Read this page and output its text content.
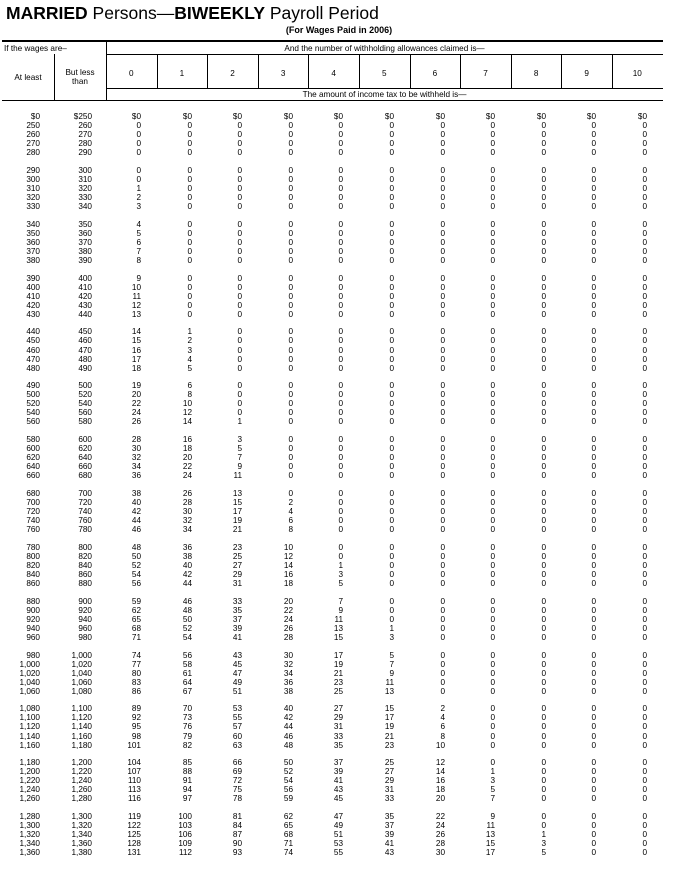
MARRIED Persons—BIWEEKLY Payroll Period
(For Wages Paid in 2006)
If the wages are–	And the number of withholding allowances claimed is—
At least
But less than
The amount of income tax to be withheld is—
0	1	2	3	4	5	6	7	8	9	10
$0	$250	$0	$0	$0	$0	$0	$0	$0	$0	$0	$0	$0
250	260	0	0	0	0	0	0	0	0	0	0	0
260	270	0	0	0	0	0	0	0	0	0	0	0
270	280	0	0	0	0	0	0	0	0	0	0	0
280	290	0	0	0	0	0	0	0	0	0	0	0
290	300	0	0	0	0	0	0	0	0	0	0	0
300	310	0	0	0	0	0	0	0	0	0	0	0
310	320	1	0	0	0	0	0	0	0	0	0	0
320	330	2	0	0	0	0	0	0	0	0	0	0
330	340	3	0	0	0	0	0	0	0	0	0	0
340	350	4	0	0	0	0	0	0	0	0	0	0
350	360	5	0	0	0	0	0	0	0	0	0	0
360	370	6	0	0	0	0	0	0	0	0	0	0
370	380	7	0	0	0	0	0	0	0	0	0	0
380	390	8	0	0	0	0	0	0	0	0	0	0
390	400	9	0	0	0	0	0	0	0	0	0	0
400	410	10	0	0	0	0	0	0	0	0	0	0
410	420	11	0	0	0	0	0	0	0	0	0	0
420	430	12	0	0	0	0	0	0	0	0	0	0
430	440	13	0	0	0	0	0	0	0	0	0	0
440	450	14	1	0	0	0	0	0	0	0	0	0
450	460	15	2	0	0	0	0	0	0	0	0	0
460	470	16	3	0	0	0	0	0	0	0	0	0
470	480	17	4	0	0	0	0	0	0	0	0	0
480	490	18	5	0	0	0	0	0	0	0	0	0
490	500	19	6	0	0	0	0	0	0	0	0	0
500	520	20	8	0	0	0	0	0	0	0	0	0
520	540	22	10	0	0	0	0	0	0	0	0	0
540	560	24	12	0	0	0	0	0	0	0	0	0
560	580	26	14	1	0	0	0	0	0	0	0	0
580	600	28	16	3	0	0	0	0	0	0	0	0
600	620	30	18	5	0	0	0	0	0	0	0	0
620	640	32	20	7	0	0	0	0	0	0	0	0
640	660	34	22	9	0	0	0	0	0	0	0	0
660	680	36	24	11	0	0	0	0	0	0	0	0
680	700	38	26	13	0	0	0	0	0	0	0	0
700	720	40	28	15	2	0	0	0	0	0	0	0
720	740	42	30	17	4	0	0	0	0	0	0	0
740	760	44	32	19	6	0	0	0	0	0	0	0
760	780	46	34	21	8	0	0	0	0	0	0	0
780	800	48	36	23	10	0	0	0	0	0	0	0
800	820	50	38	25	12	0	0	0	0	0	0	0
820	840	52	40	27	14	1	0	0	0	0	0	0
840	860	54	42	29	16	3	0	0	0	0	0	0
860	880	56	44	31	18	5	0	0	0	0	0	0
880	900	59	46	33	20	7	0	0	0	0	0	0
900	920	62	48	35	22	9	0	0	0	0	0	0
920	940	65	50	37	24	11	0	0	0	0	0	0
940	960	68	52	39	26	13	1	0	0	0	0	0
960	980	71	54	41	28	15	3	0	0	0	0	0
980	1,000	74	56	43	30	17	5	0	0	0	0	0
1,000	1,020	77	58	45	32	19	7	0	0	0	0	0
1,020	1,040	80	61	47	34	21	9	0	0	0	0	0
1,040	1,060	83	64	49	36	23	11	0	0	0	0	0
1,060	1,080	86	67	51	38	25	13	0	0	0	0	0
1,080	1,100	89	70	53	40	27	15	2	0	0	0	0
1,100	1,120	92	73	55	42	29	17	4	0	0	0	0
1,120	1,140	95	76	57	44	31	19	6	0	0	0	0
1,140	1,160	98	79	60	46	33	21	8	0	0	0	0
1,160	1,180	101	82	63	48	35	23	10	0	0	0	0
1,180	1,200	104	85	66	50	37	25	12	0	0	0	0
1,200	1,220	107	88	69	52	39	27	14	1	0	0	0
1,220	1,240	110	91	72	54	41	29	16	3	0	0	0
1,240	1,260	113	94	75	56	43	31	18	5	0	0	0
1,260	1,280	116	97	78	59	45	33	20	7	0	0	0
1,280	1,300	119	100	81	62	47	35	22	9	0	0	0
1,300	1,320	122	103	84	65	49	37	24	11	0	0	0
1,320	1,340	125	106	87	68	51	39	26	13	1	0	0
1,340	1,360	128	109	90	71	53	41	28	15	3	0	0
1,360	1,380	131	112	93	74	55	43	30	17	5	0	0
